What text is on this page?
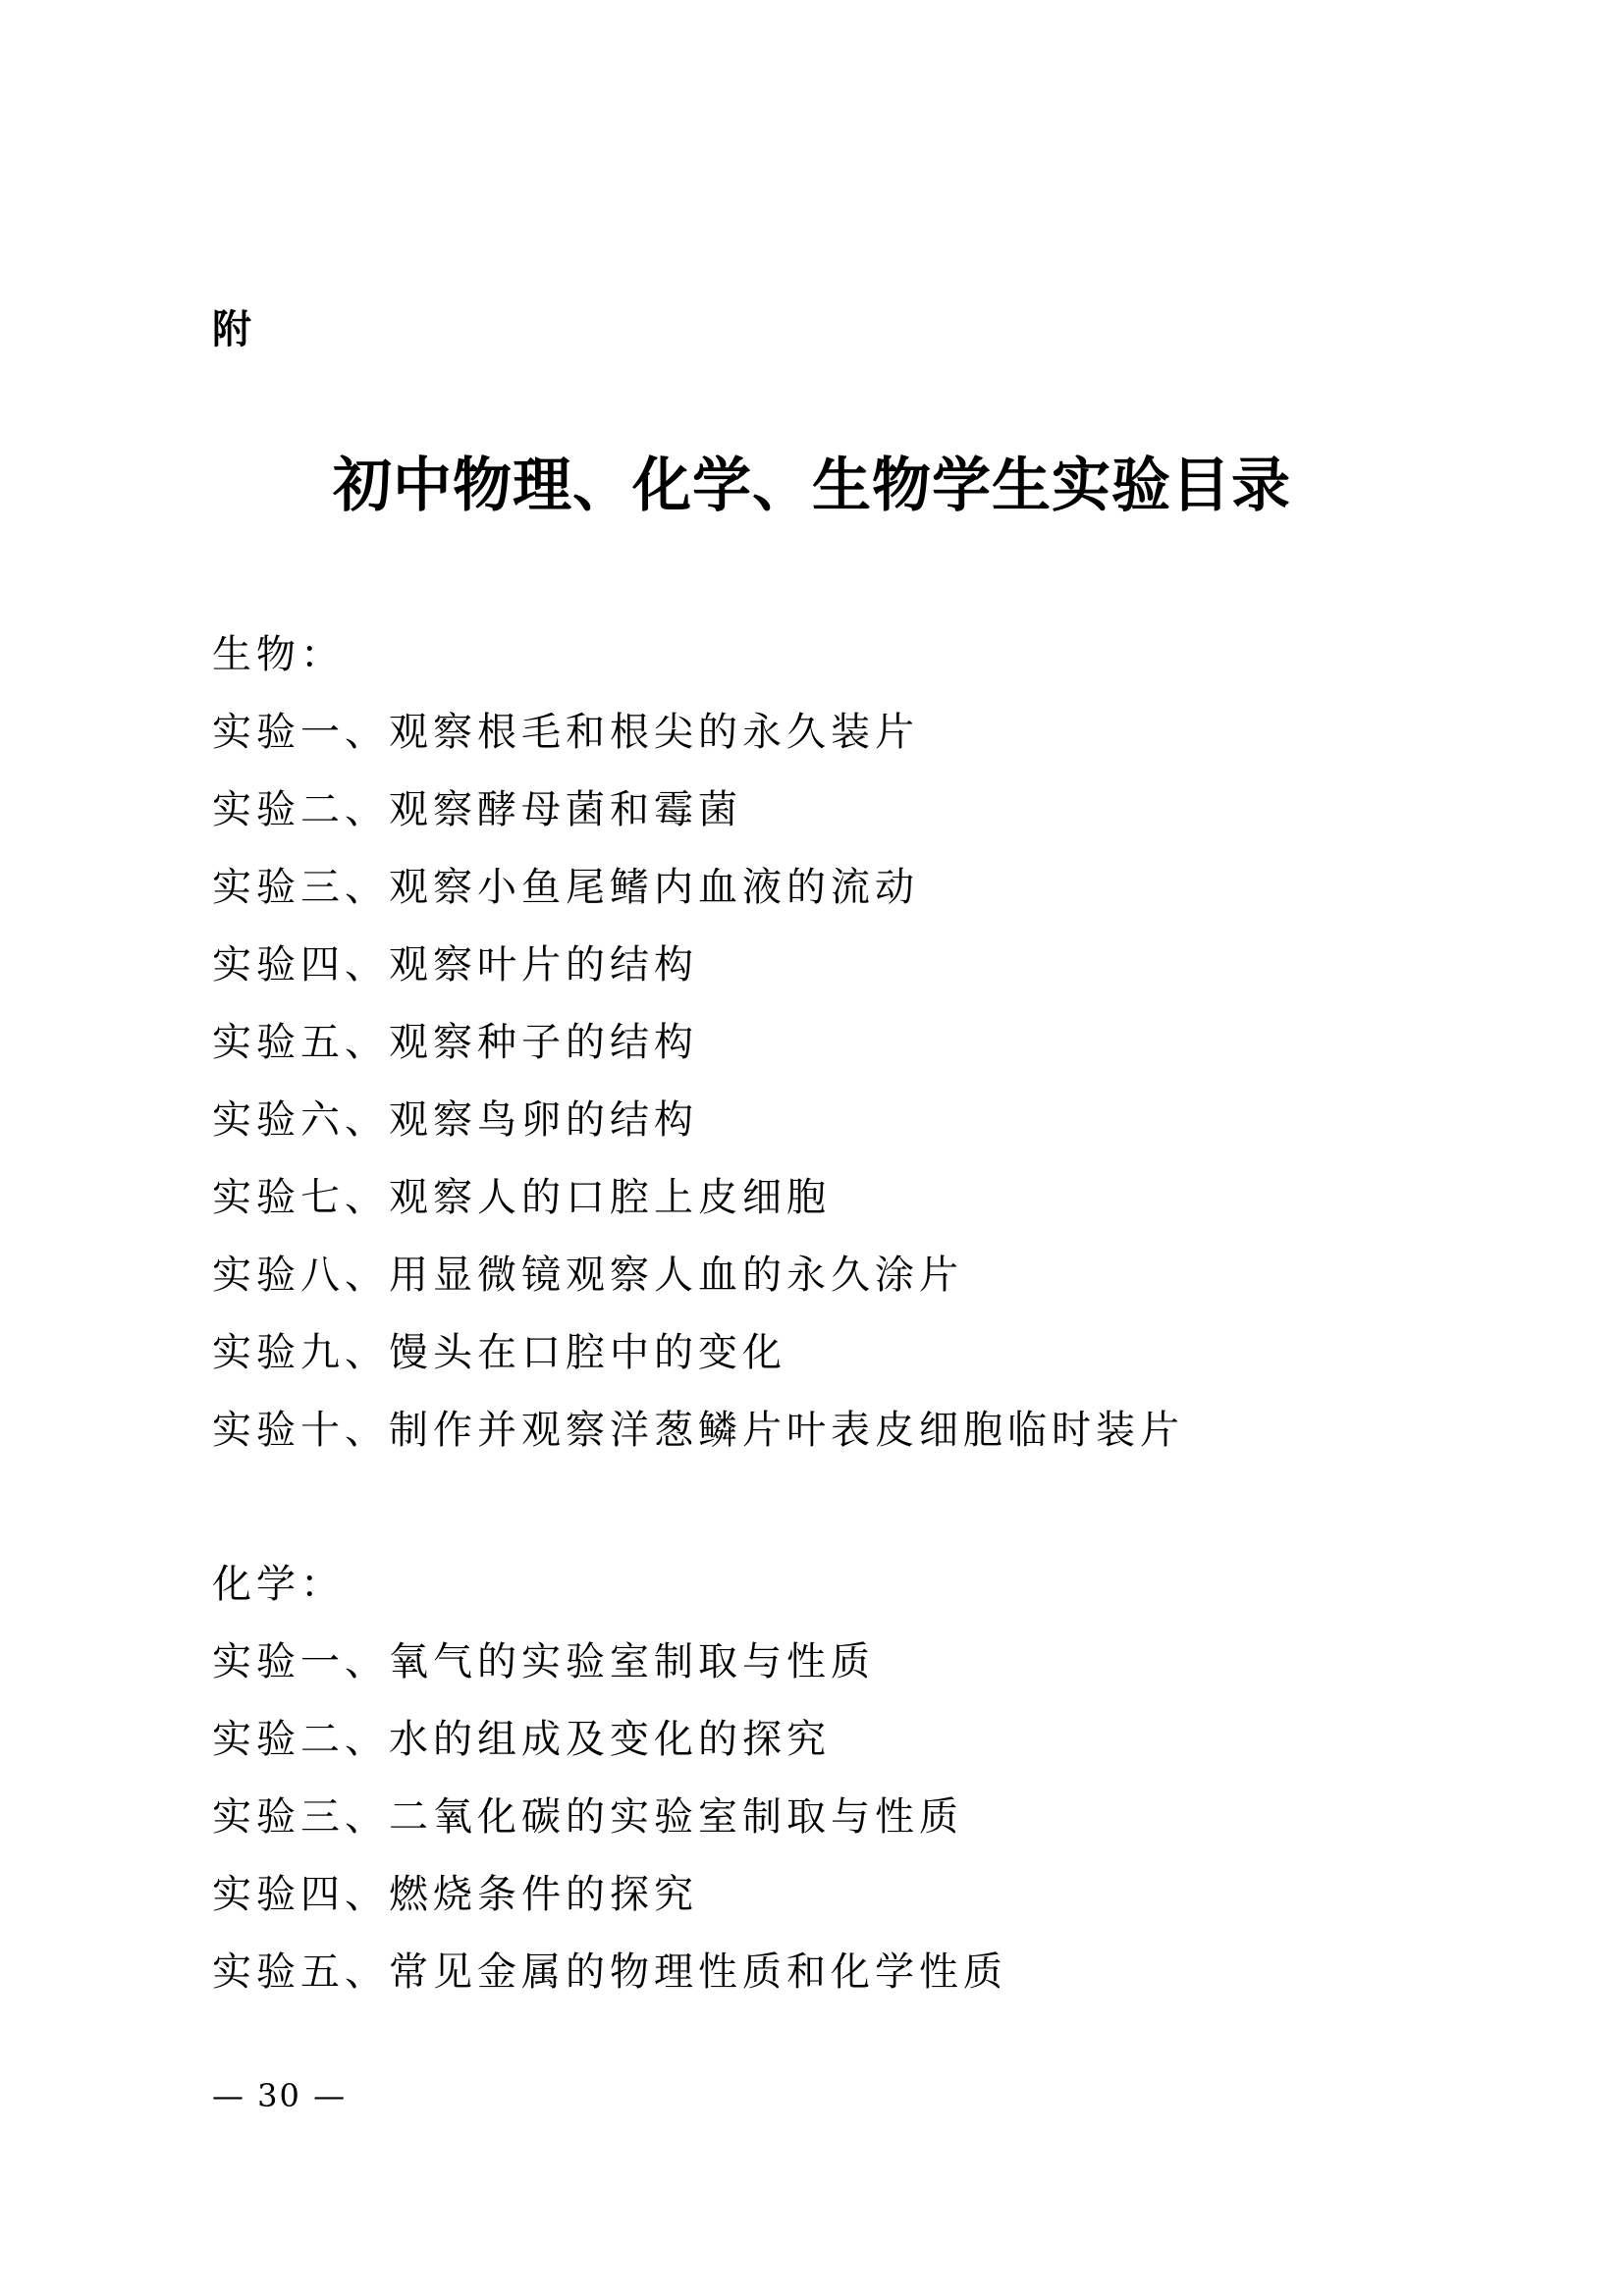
附
初中物理、化学、生物学生实验目录

生物：

实验一、观察根毛和根尖的永久装片
实验二、观察酵母菌和霉菌
实验三、观察小鱼尾鳍内血液的流动
实验四、观察叶片的结构
实验五、观察种子的结构
实验六、观察鸟卵的结构
实验七、观察人的口腔上皮细胞
实验八、用显微镜观察人血的永久涂片
实验九、馒头在口腔中的变化
实验十、制作并观察洋葱鳞片叶表皮细胞临时装片

化学：

实验一、氧气的实验室制取与性质
实验二、水的组成及变化的探究
实验三、二氧化碳的实验室制取与性质
实验四、燃烧条件的探究
实验五、常见金属的物理性质和化学性质
— 30 —
